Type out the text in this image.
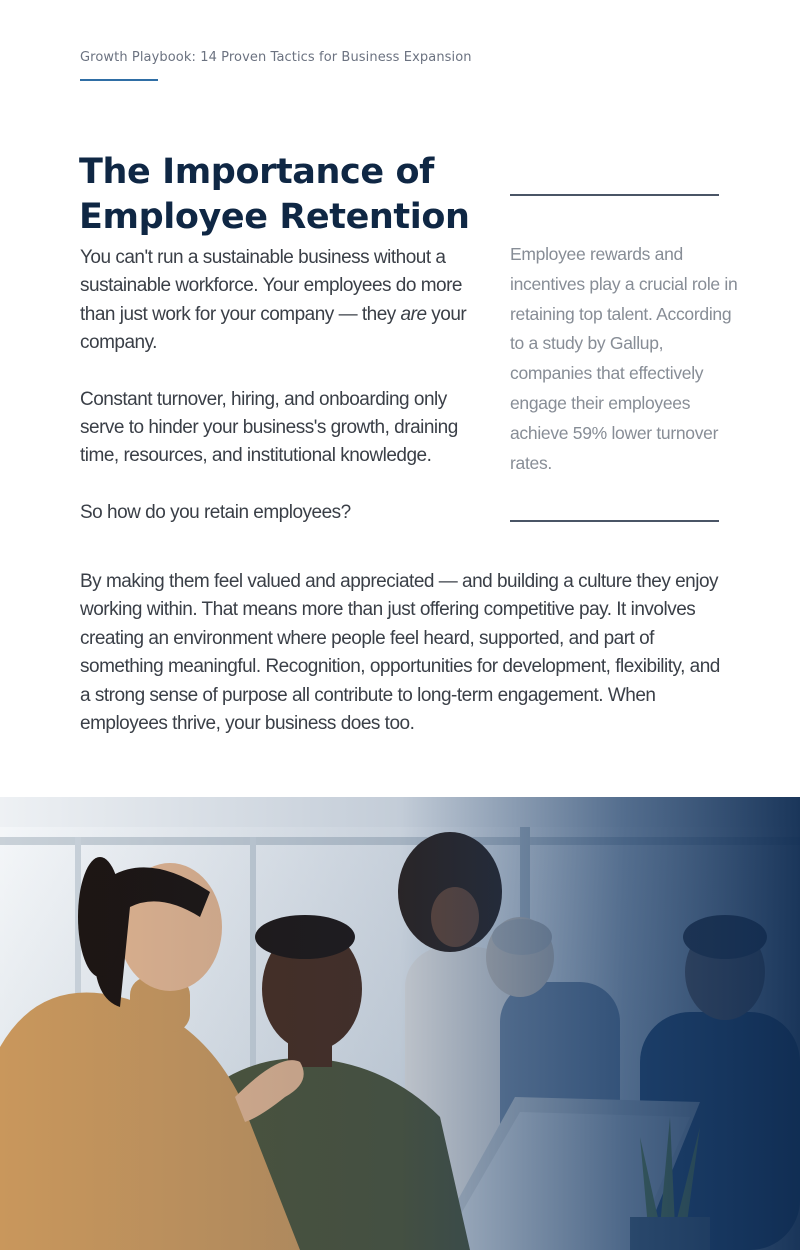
Growth Playbook: 14 Proven Tactics for Business Expansion
The Importance of Employee Retention

You can't run a sustainable business without a sustainable workforce. Your employees do more than just work for your company — they are your company.

Constant turnover, hiring, and onboarding only serve to hinder your business's growth, draining time, resources, and institutional knowledge.

So how do you retain employees?

Employee rewards and incentives play a crucial role in retaining top talent. According to a study by Gallup, companies that effectively engage their employees achieve 59% lower turnover rates.

By making them feel valued and appreciated — and building a culture they enjoy working within. That means more than just offering competitive pay. It involves creating an environment where people feel heard, supported, and part of something meaningful. Recognition, opportunities for development, flexibility, and a strong sense of purpose all contribute to long-term engagement. When employees thrive, your business does too.
